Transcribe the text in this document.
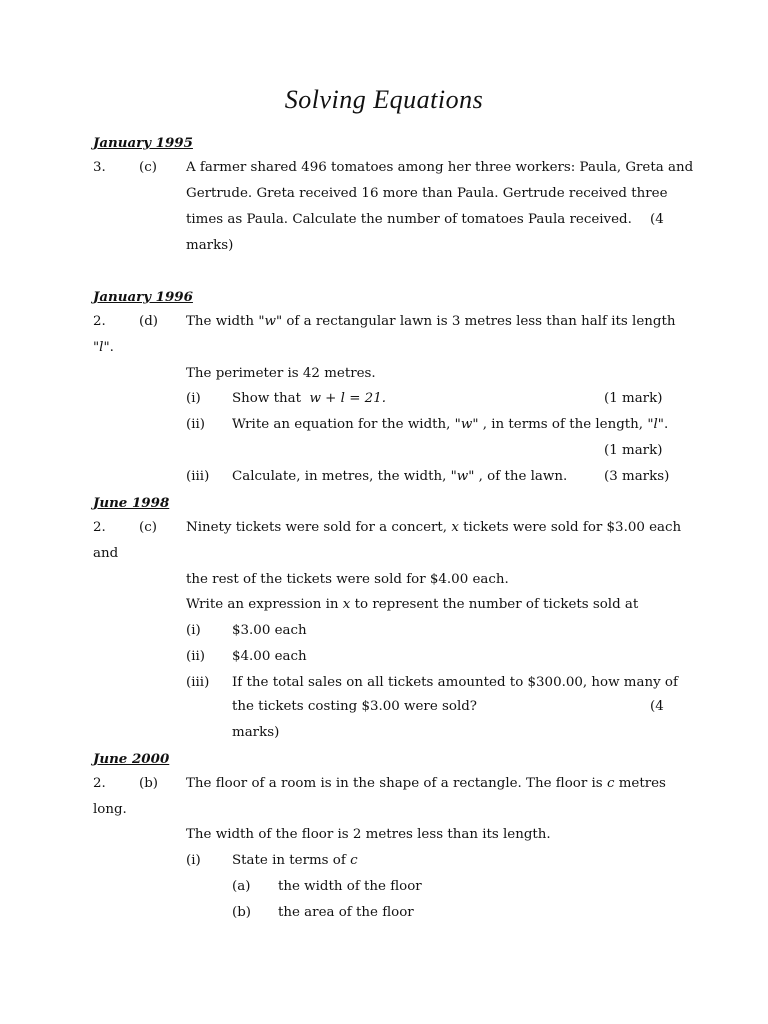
Solving Equations
January 1995
3. (c) A farmer shared 496 tomatoes among her three workers: Paula, Greta and
Gertrude. Greta received 16 more than Paula. Gertrude received three
times as Paula. Calculate the number of tomatoes Paula received. (4
marks)
January 1996
2. (d) The width "w" of a rectangular lawn is 3 metres less than half its length
"l".
The perimeter is 42 metres.
(i) Show that w + l = 21.	(1 mark)
(ii) Write an equation for the width, "w" , in terms of the length, "l".
(1 mark)
(iii) Calculate, in metres, the width, "w" , of the lawn.	(3 marks)
June 1998
2. (c) Ninety tickets were sold for a concert, x tickets were sold for $3.00 each
and
the rest of the tickets were sold for $4.00 each.
Write an expression in x to represent the number of tickets sold at
(i) $3.00 each
(ii) $4.00 each
(iii) If the total sales on all tickets amounted to $300.00, how many of
the tickets costing $3.00 were sold?	(4
marks)
June 2000
2. (b) The floor of a room is in the shape of a rectangle. The floor is c metres
long.
The width of the floor is 2 metres less than its length.
(i) State in terms of c
(a) the width of the floor
(b) the area of the floor
